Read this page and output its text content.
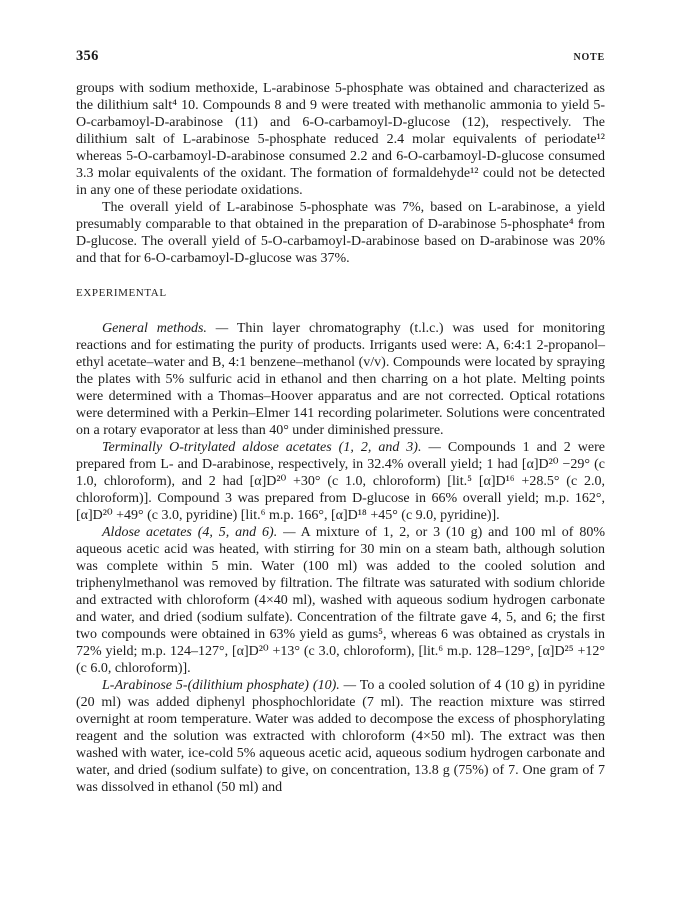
356	NOTE

groups with sodium methoxide, L-arabinose 5-phosphate was obtained and characterized as the dilithium salt⁴ 10. Compounds 8 and 9 were treated with methanolic ammonia to yield 5-O-carbamoyl-D-arabinose (11) and 6-O-carbamoyl-D-glucose (12), respectively. The dilithium salt of L-arabinose 5-phosphate reduced 2.4 molar equivalents of periodate¹² whereas 5-O-carbamoyl-D-arabinose consumed 2.2 and 6-O-carbamoyl-D-glucose consumed 3.3 molar equivalents of the oxidant. The formation of formaldehyde¹² could not be detected in any one of these periodate oxidations.

The overall yield of L-arabinose 5-phosphate was 7%, based on L-arabinose, a yield presumably comparable to that obtained in the preparation of D-arabinose 5-phosphate⁴ from D-glucose. The overall yield of 5-O-carbamoyl-D-arabinose based on D-arabinose was 20% and that for 6-O-carbamoyl-D-glucose was 37%.

EXPERIMENTAL

General methods. — Thin layer chromatography (t.l.c.) was used for monitoring reactions and for estimating the purity of products. Irrigants used were: A, 6:4:1 2-propanol–ethyl acetate–water and B, 4:1 benzene–methanol (v/v). Compounds were located by spraying the plates with 5% sulfuric acid in ethanol and then charring on a hot plate. Melting points were determined with a Thomas–Hoover apparatus and are not corrected. Optical rotations were determined with a Perkin–Elmer 141 recording polarimeter. Solutions were concentrated on a rotary evaporator at less than 40° under diminished pressure.

Terminally O-tritylated aldose acetates (1, 2, and 3). — Compounds 1 and 2 were prepared from L- and D-arabinose, respectively, in 32.4% overall yield; 1 had [α]D²⁰ −29° (c 1.0, chloroform), and 2 had [α]D²⁰ +30° (c 1.0, chloroform) [lit.⁵ [α]D¹⁶ +28.5° (c 2.0, chloroform)]. Compound 3 was prepared from D-glucose in 66% overall yield; m.p. 162°, [α]D²⁰ +49° (c 3.0, pyridine) [lit.⁶ m.p. 166°, [α]D¹⁸ +45° (c 9.0, pyridine)].

Aldose acetates (4, 5, and 6). — A mixture of 1, 2, or 3 (10 g) and 100 ml of 80% aqueous acetic acid was heated, with stirring for 30 min on a steam bath, although solution was complete within 5 min. Water (100 ml) was added to the cooled solution and triphenylmethanol was removed by filtration. The filtrate was saturated with sodium chloride and extracted with chloroform (4×40 ml), washed with aqueous sodium hydrogen carbonate and water, and dried (sodium sulfate). Concentration of the filtrate gave 4, 5, and 6; the first two compounds were obtained in 63% yield as gums⁵, whereas 6 was obtained as crystals in 72% yield; m.p. 124–127°, [α]D²⁰ +13° (c 3.0, chloroform), [lit.⁶ m.p. 128–129°, [α]D²⁵ +12° (c 6.0, chloroform)].

L-Arabinose 5-(dilithium phosphate) (10). — To a cooled solution of 4 (10 g) in pyridine (20 ml) was added diphenyl phosphochloridate (7 ml). The reaction mixture was stirred overnight at room temperature. Water was added to decompose the excess of phosphorylating reagent and the solution was extracted with chloroform (4×50 ml). The extract was then washed with water, ice-cold 5% aqueous acetic acid, aqueous sodium hydrogen carbonate and water, and dried (sodium sulfate) to give, on concentration, 13.8 g (75%) of 7. One gram of 7 was dissolved in ethanol (50 ml) and
